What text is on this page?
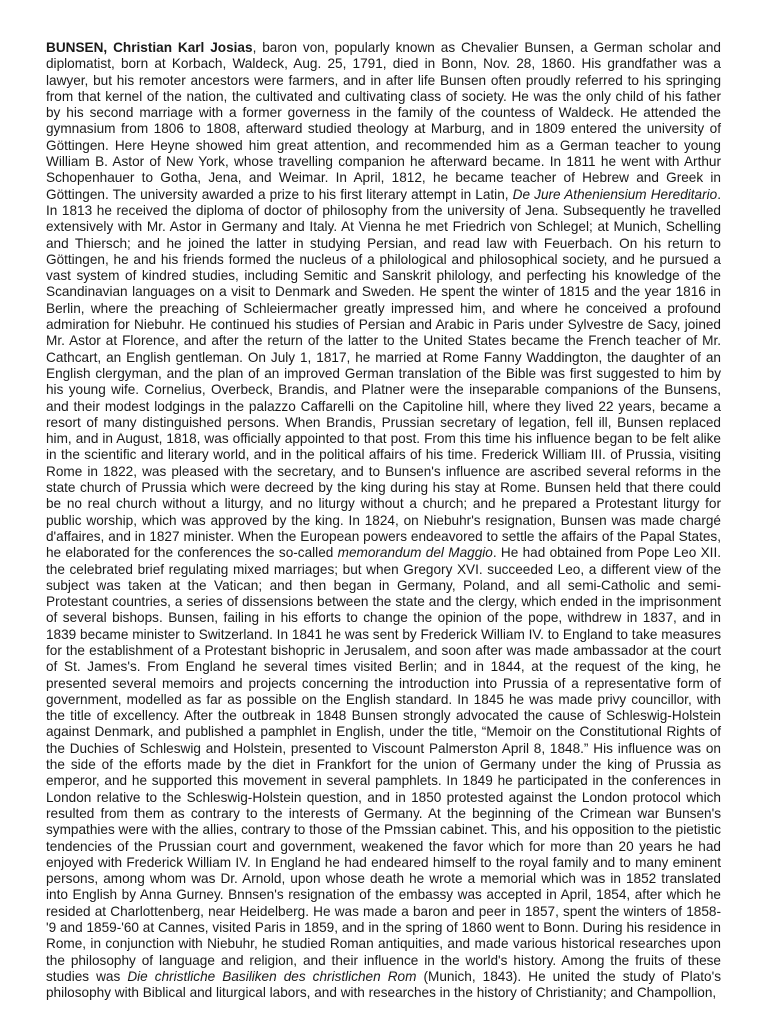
BUNSEN, Christian Karl Josias, baron von, popularly known as Chevalier Bunsen, a German scholar and diplomatist, born at Korbach, Waldeck, Aug. 25, 1791, died in Bonn, Nov. 28, 1860. His grandfather was a lawyer, but his remoter ancestors were farmers, and in after life Bunsen often proudly referred to his springing from that kernel of the nation, the cultivated and cultivating class of society. He was the only child of his father by his second marriage with a former governess in the family of the countess of Waldeck. He attended the gymnasium from 1806 to 1808, afterward studied theology at Marburg, and in 1809 entered the university of Göttingen. Here Heyne showed him great attention, and recommended him as a German teacher to young William B. Astor of New York, whose travelling companion he afterward became. In 1811 he went with Arthur Schopenhauer to Gotha, Jena, and Weimar. In April, 1812, he became teacher of Hebrew and Greek in Göttingen. The university awarded a prize to his first literary attempt in Latin, De Jure Atheniensium Hereditario. In 1813 he received the diploma of doctor of philosophy from the university of Jena. Subsequently he travelled extensively with Mr. Astor in Germany and Italy. At Vienna he met Friedrich von Schlegel; at Munich, Schelling and Thiersch; and he joined the latter in studying Persian, and read law with Feuerbach. On his return to Göttingen, he and his friends formed the nucleus of a philological and philosophical society, and he pursued a vast system of kindred studies, including Semitic and Sanskrit philology, and perfecting his knowledge of the Scandinavian languages on a visit to Denmark and Sweden. He spent the winter of 1815 and the year 1816 in Berlin, where the preaching of Schleiermacher greatly impressed him, and where he conceived a profound admiration for Niebuhr. He continued his studies of Persian and Arabic in Paris under Sylvestre de Sacy, joined Mr. Astor at Florence, and after the return of the latter to the United States became the French teacher of Mr. Cathcart, an English gentleman. On July 1, 1817, he married at Rome Fanny Waddington, the daughter of an English clergyman, and the plan of an improved German translation of the Bible was first suggested to him by his young wife. Cornelius, Overbeck, Brandis, and Platner were the inseparable companions of the Bunsens, and their modest lodgings in the palazzo Caffarelli on the Capitoline hill, where they lived 22 years, became a resort of many distinguished persons. When Brandis, Prussian secretary of legation, fell ill, Bunsen replaced him, and in August, 1818, was officially appointed to that post. From this time his influence began to be felt alike in the scientific and literary world, and in the political affairs of his time. Frederick William III. of Prussia, visiting Rome in 1822, was pleased with the secretary, and to Bunsen's influence are ascribed several reforms in the state church of Prussia which were decreed by the king during his stay at Rome. Bunsen held that there could be no real church without a liturgy, and no liturgy without a church; and he prepared a Protestant liturgy for public worship, which was approved by the king. In 1824, on Niebuhr's resignation, Bunsen was made chargé d'affaires, and in 1827 minister. When the European powers endeavored to settle the affairs of the Papal States, he elaborated for the conferences the so-called memorandum del Maggio. He had obtained from Pope Leo XII. the celebrated brief regulating mixed marriages; but when Gregory XVI. succeeded Leo, a different view of the subject was taken at the Vatican; and then began in Germany, Poland, and all semi-Catholic and semi-Protestant countries, a series of dissensions between the state and the clergy, which ended in the imprisonment of several bishops. Bunsen, failing in his efforts to change the opinion of the pope, withdrew in 1837, and in 1839 became minister to Switzerland. In 1841 he was sent by Frederick William IV. to England to take measures for the establishment of a Protestant bishopric in Jerusalem, and soon after was made ambassador at the court of St. James's. From England he several times visited Berlin; and in 1844, at the request of the king, he presented several memoirs and projects concerning the introduction into Prussia of a representative form of government, modelled as far as possible on the English standard. In 1845 he was made privy councillor, with the title of excellency. After the outbreak in 1848 Bunsen strongly advocated the cause of Schleswig-Holstein against Denmark, and published a pamphlet in English, under the title, “Memoir on the Constitutional Rights of the Duchies of Schleswig and Holstein, presented to Viscount Palmerston April 8, 1848.” His influence was on the side of the efforts made by the diet in Frankfort for the union of Germany under the king of Prussia as emperor, and he supported this movement in several pamphlets. In 1849 he participated in the conferences in London relative to the Schleswig-Holstein question, and in 1850 protested against the London protocol which resulted from them as contrary to the interests of Germany. At the beginning of the Crimean war Bunsen's sympathies were with the allies, contrary to those of the Pmssian cabinet. This, and his opposition to the pietistic tendencies of the Prussian court and government, weakened the favor which for more than 20 years he had enjoyed with Frederick William IV. In England he had endeared himself to the royal family and to many eminent persons, among whom was Dr. Arnold, upon whose death he wrote a memorial which was in 1852 translated into English by Anna Gurney. Bnnsen's resignation of the embassy was accepted in April, 1854, after which he resided at Charlottenberg, near Heidelberg. He was made a baron and peer in 1857, spent the winters of 1858-'9 and 1859-'60 at Cannes, visited Paris in 1859, and in the spring of 1860 went to Bonn. During his residence in Rome, in conjunction with Niebuhr, he studied Roman antiquities, and made various historical researches upon the philosophy of language and religion, and their influence in the world's history. Among the fruits of these studies was Die christliche Basiliken des christlichen Rom (Munich, 1843). He united the study of Plato's philosophy with Biblical and liturgical labors, and with researches in the history of Christianity; and Champollion,
